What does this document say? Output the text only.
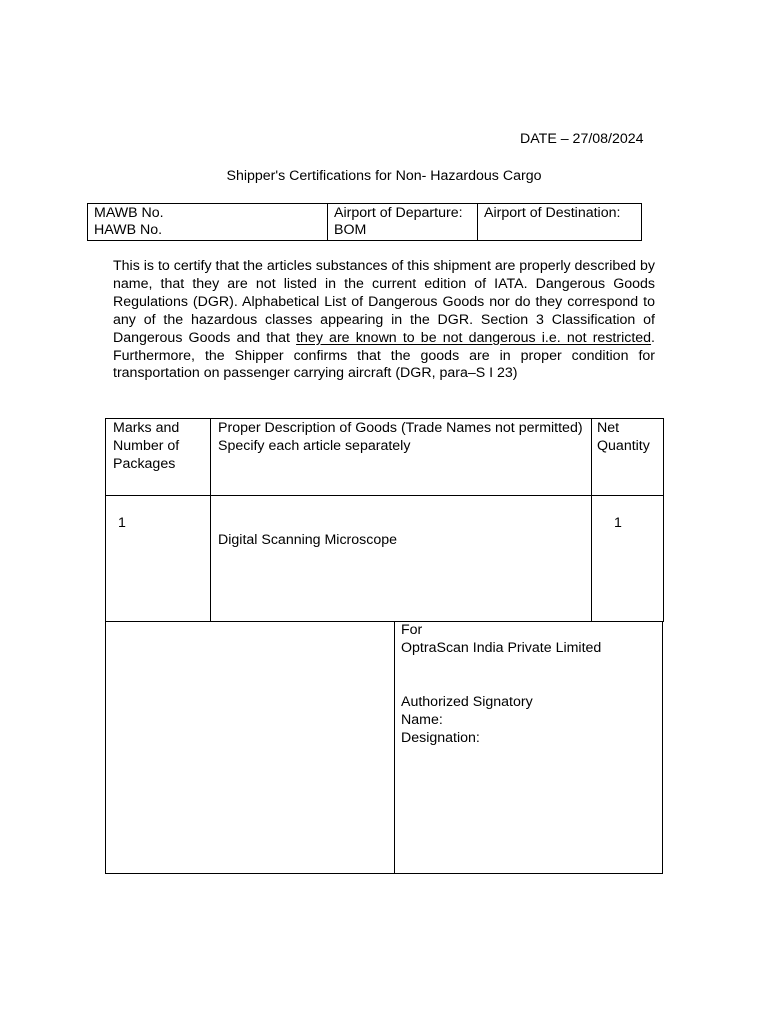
DATE – 27/08/2024
Shipper's Certifications for Non- Hazardous Cargo
MAWB No.
HAWB No.

Airport of Departure:
BOM

Airport of Destination:
This is to certify that the articles substances of this shipment are properly described by name, that they are not listed in the current edition of IATA. Dangerous Goods Regulations (DGR). Alphabetical List of Dangerous Goods nor do they correspond to any of the hazardous classes appearing in the DGR. Section 3 Classification of Dangerous Goods and that they are known to be not dangerous i.e. not restricted. Furthermore, the Shipper confirms that the goods are in proper condition for transportation on passenger carrying aircraft (DGR, para–S I 23)
Marks and Number of Packages	Proper Description of Goods (Trade Names not permitted) Specify each article separately	Net Quantity
1	Digital Scanning Microscope	1
For
OptraScan India Private Limited
Authorized Signatory
Name:
Designation:
